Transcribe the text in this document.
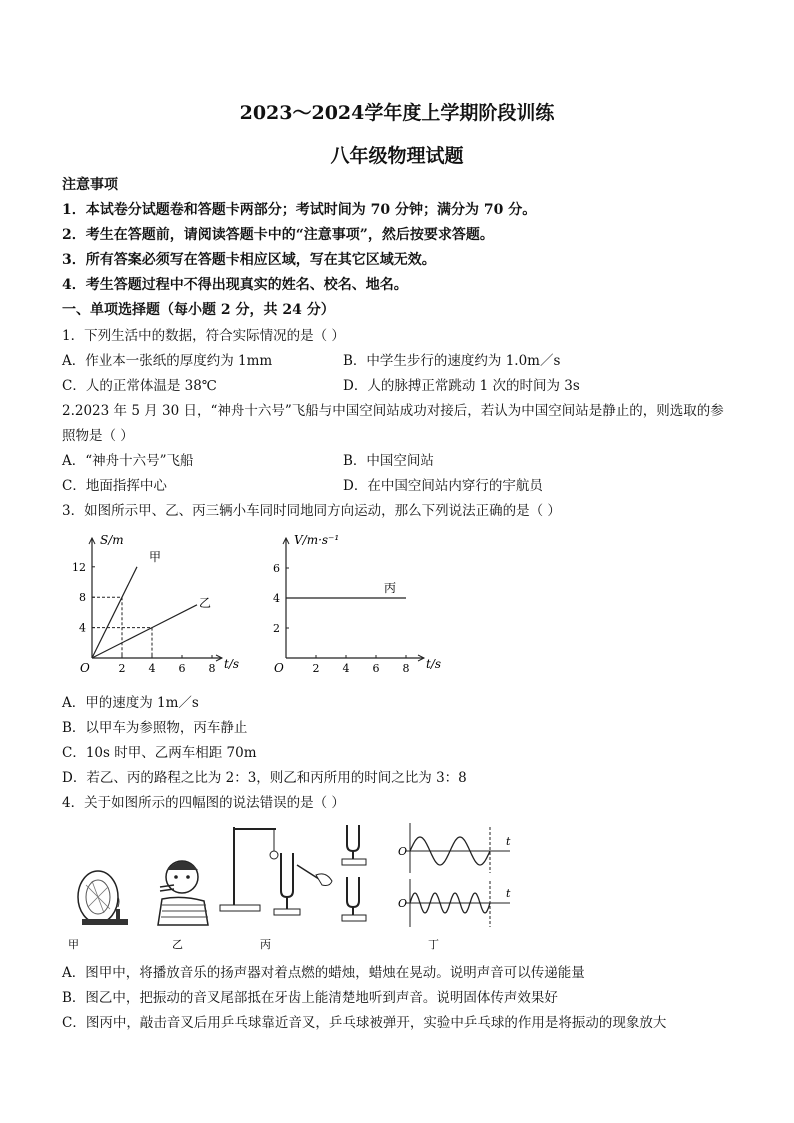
2023～2024学年度上学期阶段训练
八年级物理试题
注意事项
1．本试卷分试题卷和答题卡两部分；考试时间为 70 分钟；满分为 70 分。
2．考生在答题前，请阅读答题卡中的“注意事项”，然后按要求答题。
3．所有答案必须写在答题卡相应区域，写在其它区域无效。
4．考生答题过程中不得出现真实的姓名、校名、地名。
一、单项选择题（每小题 2 分，共 24 分）
1．下列生活中的数据，符合实际情况的是（ ）
A．作业本一张纸的厚度约为 1mm	B．中学生步行的速度约为 1.0m／s
C．人的正常体温是 38℃	D．人的脉搏正常跳动 1 次的时间为 3s
2.2023 年 5 月 30 日，“神舟十六号”飞船与中国空间站成功对接后，若认为中国空间站是静止的，则选取的参
照物是（ ）
A．“神舟十六号”飞船	B．中国空间站
C．地面指挥中心	D．在中国空间站内穿行的宇航员
3．如图所示甲、乙、丙三辆小车同时同地同方向运动，那么下列说法正确的是（ ）
2 4 6 8
4
8
12
O	t/s
S/m
甲
乙
2 4 6 8
2
4
6
O	t/s
V/m·s⁻¹
丙
A．甲的速度为 1m／s
B．以甲车为参照物，丙车静止
C．10s 时甲、乙两车相距 70m
D．若乙、丙的路程之比为 2：3，则乙和丙所用的时间之比为 3：8
4．关于如图所示的四幅图的说法错误的是（ ）
O
O
t
t
甲	乙	丙	丁
A．图甲中，将播放音乐的扬声器对着点燃的蜡烛，蜡烛在晃动。说明声音可以传递能量
B．图乙中，把振动的音叉尾部抵在牙齿上能清楚地听到声音。说明固体传声效果好
C．图丙中，敲击音叉后用乒乓球靠近音叉，乒乓球被弹开，实验中乒乓球的作用是将振动的现象放大
